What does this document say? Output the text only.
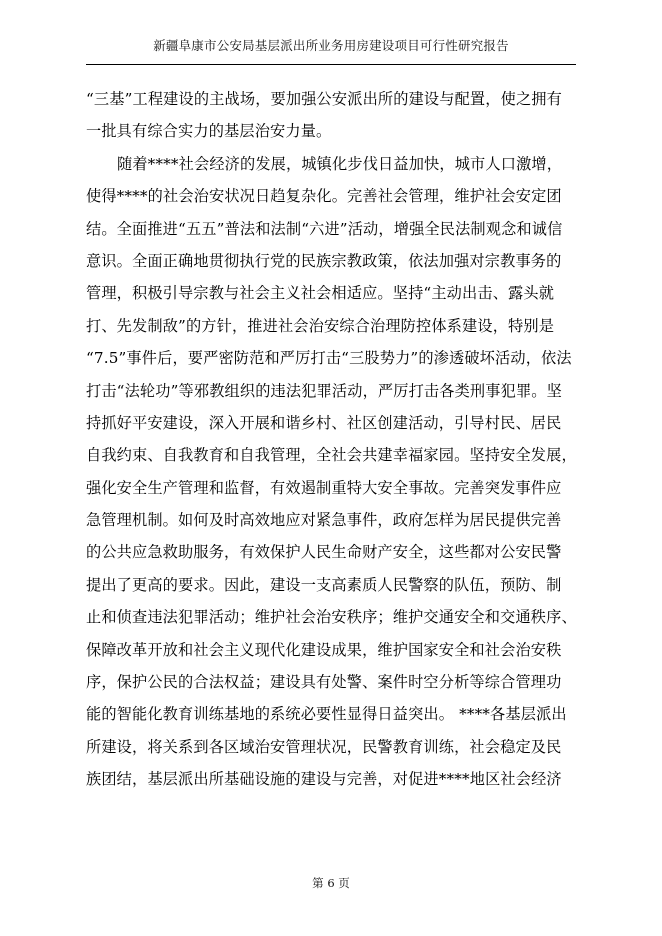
新疆阜康市公安局基层派出所业务用房建设项目可行性研究报告
“三基”工程建设的主战场，要加强公安派出所的建设与配置，使之拥有
一批具有综合实力的基层治安力量。
随着****社会经济的发展，城镇化步伐日益加快，城市人口激增，
使得****的社会治安状况日趋复杂化。完善社会管理，维护社会安定团
结。全面推进“五五”普法和法制“六进”活动，增强全民法制观念和诚信
意识。全面正确地贯彻执行党的民族宗教政策，依法加强对宗教事务的
管理，积极引导宗教与社会主义社会相适应。坚持“主动出击、露头就
打、先发制敌”的方针，推进社会治安综合治理防控体系建设，特别是
“7.5”事件后，要严密防范和严厉打击“三股势力”的渗透破坏活动，依法
打击“法轮功”等邪教组织的违法犯罪活动，严厉打击各类刑事犯罪。坚
持抓好平安建设，深入开展和谐乡村、社区创建活动，引导村民、居民
自我约束、自我教育和自我管理，全社会共建幸福家园。坚持安全发展，
强化安全生产管理和监督，有效遏制重特大安全事故。完善突发事件应
急管理机制。如何及时高效地应对紧急事件，政府怎样为居民提供完善
的公共应急救助服务，有效保护人民生命财产安全，这些都对公安民警
提出了更高的要求。因此，建设一支高素质人民警察的队伍，预防、制
止和侦查违法犯罪活动；维护社会治安秩序；维护交通安全和交通秩序、
保障改革开放和社会主义现代化建设成果，维护国家安全和社会治安秩
序，保护公民的合法权益；建设具有处警、案件时空分析等综合管理功
能的智能化教育训练基地的系统必要性显得日益突出。 ****各基层派出
所建设，将关系到各区域治安管理状况，民警教育训练，社会稳定及民
族团结，基层派出所基础设施的建设与完善，对促进****地区社会经济
第 6 页
